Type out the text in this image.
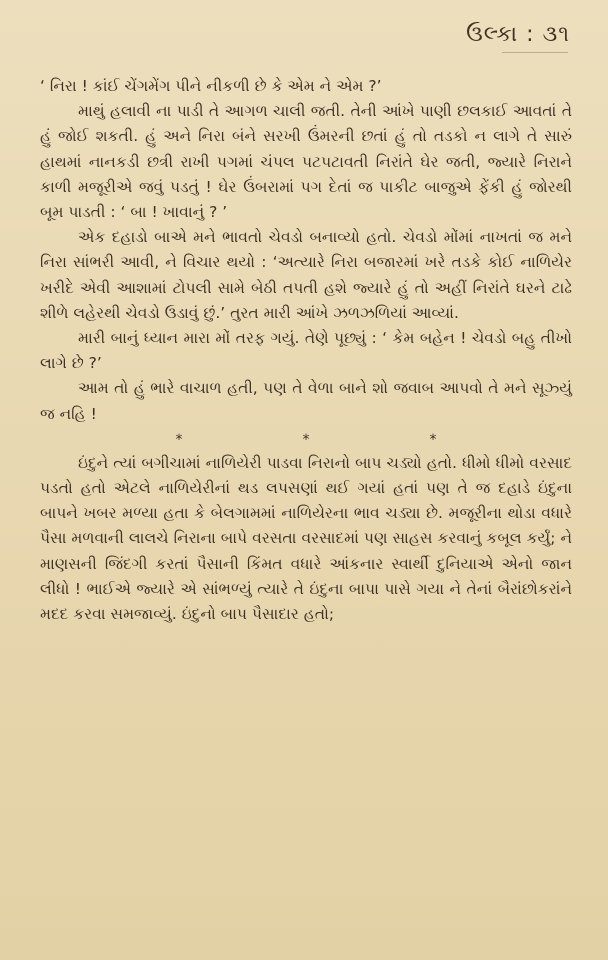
ઉલ્કા : ૩૧

‘ નિરા ! કાંઈ ચેંગમેંગ પીને નીકળી છે કે એમ ને એમ ?’

માથું હલાવી ના પાડી તે આગળ ચાલી જતી. તેની આંખે પાણી છલકાઈ આવતાં તે હું જોઈ શકતી. હું અને નિરા બંને સરખી ઉંમરની છતાં હું તો તડકો ન લાગે તે સારું હાથમાં નાનકડી છત્રી રાખી પગમાં ચંપલ પટપટાવતી નિરાંતે ઘેર જતી, જ્યારે નિરાને કાળી મજૂરીએ જવું પડતું ! ઘેર ઉંબરામાં પગ દેતાં જ પાકીટ બાજુએ ફેંકી હું જોરથી બૂમ પાડતી : ‘ બા ! ખાવાનું ? ’

એક દહાડો બાએ મને ભાવતો ચેવડો બનાવ્યો હતો. ચેવડો મોંમાં નાખતાં જ મને નિરા સાંભરી આવી, ને વિચાર થયો : ‘અત્યારે નિરા બજારમાં ખરે તડકે કોઈ નાળિયેર ખરીદે એવી આશામાં ટોપલી સામે બેઠી તપતી હશે જ્યારે હું તો અહીં નિરાંતે ઘરને ટાઢે શીળે લહેરથી ચેવડો ઉડાવું છું.’ તુરત મારી આંખે ઝળઝળિયાં આવ્યાં.

મારી બાનું ધ્યાન મારા મોં તરફ ગયું. તેણે પૂછ્યું : ‘ કેમ બહેન ! ચેવડો બહુ તીખો લાગે છે ?’

આમ તો હું ભારે વાચાળ હતી, પણ તે વેળા બાને શો જવાબ આપવો તે મને સૂઝ્યું જ નહિ !

*	*	*

ઇંદુને ત્યાં બગીચામાં નાળિયેરી પાડવા નિરાનો બાપ ચડ્યો હતો. ધીમો ધીમો વરસાદ પડતો હતો એટલે નાળિયેરીનાં થડ લપસણાં થઈ ગયાં હતાં પણ તે જ દહાડે ઇંદુના બાપને ખબર મળ્યા હતા કે બેલગામમાં નાળિયેરના ભાવ ચડ્યા છે. મજૂરીના થોડા વધારે પૈસા મળવાની લાલચે નિરાના બાપે વરસતા વરસાદમાં પણ સાહસ કરવાનું કબૂલ કર્યું; ને માણસની જિંદગી કરતાં પૈસાની કિંમત વધારે આંકનાર સ્વાર્થી દુનિયાએ એનો જાન લીધો ! ભાઈએ જ્યારે એ સાંભળ્યું ત્યારે તે ઇંદુના બાપા પાસે ગયા ને તેનાં બૈરાંછોકરાંને મદદ કરવા સમજાવ્યું. ઇંદુનો બાપ પૈસાદાર હતો;
